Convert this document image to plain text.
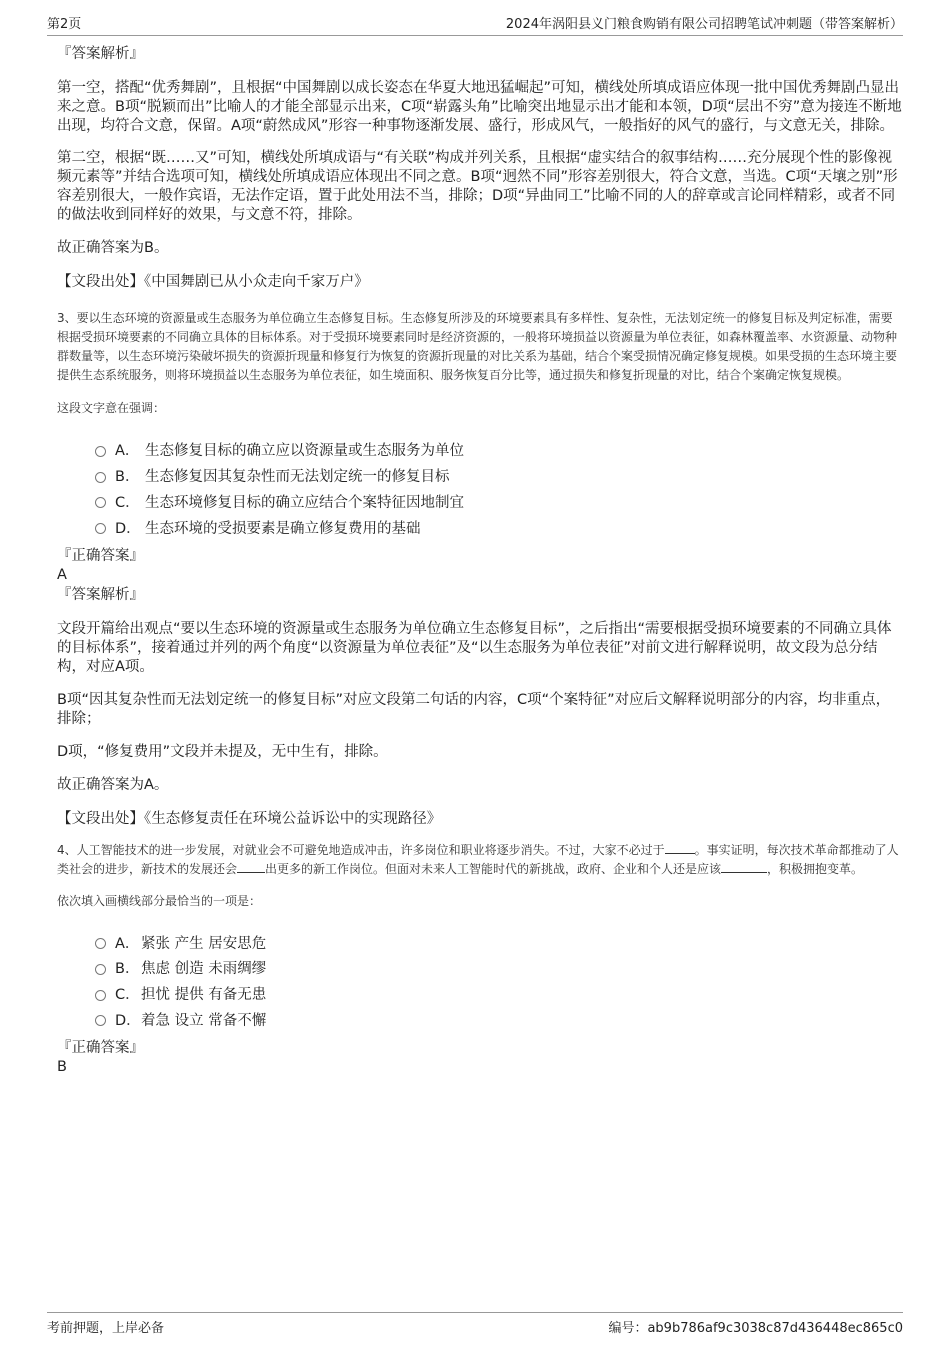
第2页	2024年涡阳县义门粮食购销有限公司招聘笔试冲刺题（带答案解析）

『答案解析』

第一空，搭配“优秀舞剧”，且根据“中国舞剧以成长姿态在华夏大地迅猛崛起”可知，横线处所填成语应体现一批中国优秀舞剧凸显出来之意。B项“脱颖而出”比喻人的才能全部显示出来，C项“崭露头角”比喻突出地显示出才能和本领，D项“层出不穷”意为接连不断地出现，均符合文意，保留。A项“蔚然成风”形容一种事物逐渐发展、盛行，形成风气，一般指好的风气的盛行，与文意无关，排除。

第二空，根据“既……又”可知，横线处所填成语与“有关联”构成并列关系，且根据“虚实结合的叙事结构……充分展现个性的影像视频元素等”并结合选项可知，横线处所填成语应体现出不同之意。B项“迥然不同”形容差别很大，符合文意，当选。C项“天壤之别”形容差别很大，一般作宾语，无法作定语，置于此处用法不当，排除；D项“异曲同工”比喻不同的人的辞章或言论同样精彩，或者不同的做法收到同样好的效果，与文意不符，排除。

故正确答案为B。

【文段出处】《中国舞剧已从小众走向千家万户》

3、要以生态环境的资源量或生态服务为单位确立生态修复目标。生态修复所涉及的环境要素具有多样性、复杂性，无法划定统一的修复目标及判定标准，需要根据受损环境要素的不同确立具体的目标体系。对于受损环境要素同时是经济资源的，一般将环境损益以资源量为单位表征，如森林覆盖率、水资源量、动物种群数量等，以生态环境污染破坏损失的资源折现量和修复行为恢复的资源折现量的对比关系为基础，结合个案受损情况确定修复规模。如果受损的生态环境主要提供生态系统服务，则将环境损益以生态服务为单位表征，如生境面积、服务恢复百分比等，通过损失和修复折现量的对比，结合个案确定恢复规模。

这段文字意在强调：

A． 生态修复目标的确立应以资源量或生态服务为单位
B． 生态修复因其复杂性而无法划定统一的修复目标
C． 生态环境修复目标的确立应结合个案特征因地制宜
D． 生态环境的受损要素是确立修复费用的基础

『正确答案』

A

『答案解析』

文段开篇给出观点“要以生态环境的资源量或生态服务为单位确立生态修复目标”，之后指出“需要根据受损环境要素的不同确立具体的目标体系”，接着通过并列的两个角度“以资源量为单位表征”及“以生态服务为单位表征”对前文进行解释说明，故文段为总分结构，对应A项。

B项“因其复杂性而无法划定统一的修复目标”对应文段第二句话的内容，C项“个案特征”对应后文解释说明部分的内容，均非重点，排除；

D项，“修复费用”文段并未提及，无中生有，排除。

故正确答案为A。

【文段出处】《生态修复责任在环境公益诉讼中的实现路径》

4、人工智能技术的进一步发展，对就业会不可避免地造成冲击，许多岗位和职业将逐步消失。不过，大家不必过于	。事实证明，每次技术革命都推动了人类社会的进步，新技术的发展还会 出更多的新工作岗位。但面对未来人工智能时代的新挑战，政府、企业和个人还是应该	，积极拥抱变革。

依次填入画横线部分最恰当的一项是：

A． 紧张 产生 居安思危
B． 焦虑 创造 未雨绸缪
C． 担忧 提供 有备无患
D． 着急 设立 常备不懈

『正确答案』

B
考前押题，上岸必备	编号：ab9b786af9c3038c87d436448ec865c0
